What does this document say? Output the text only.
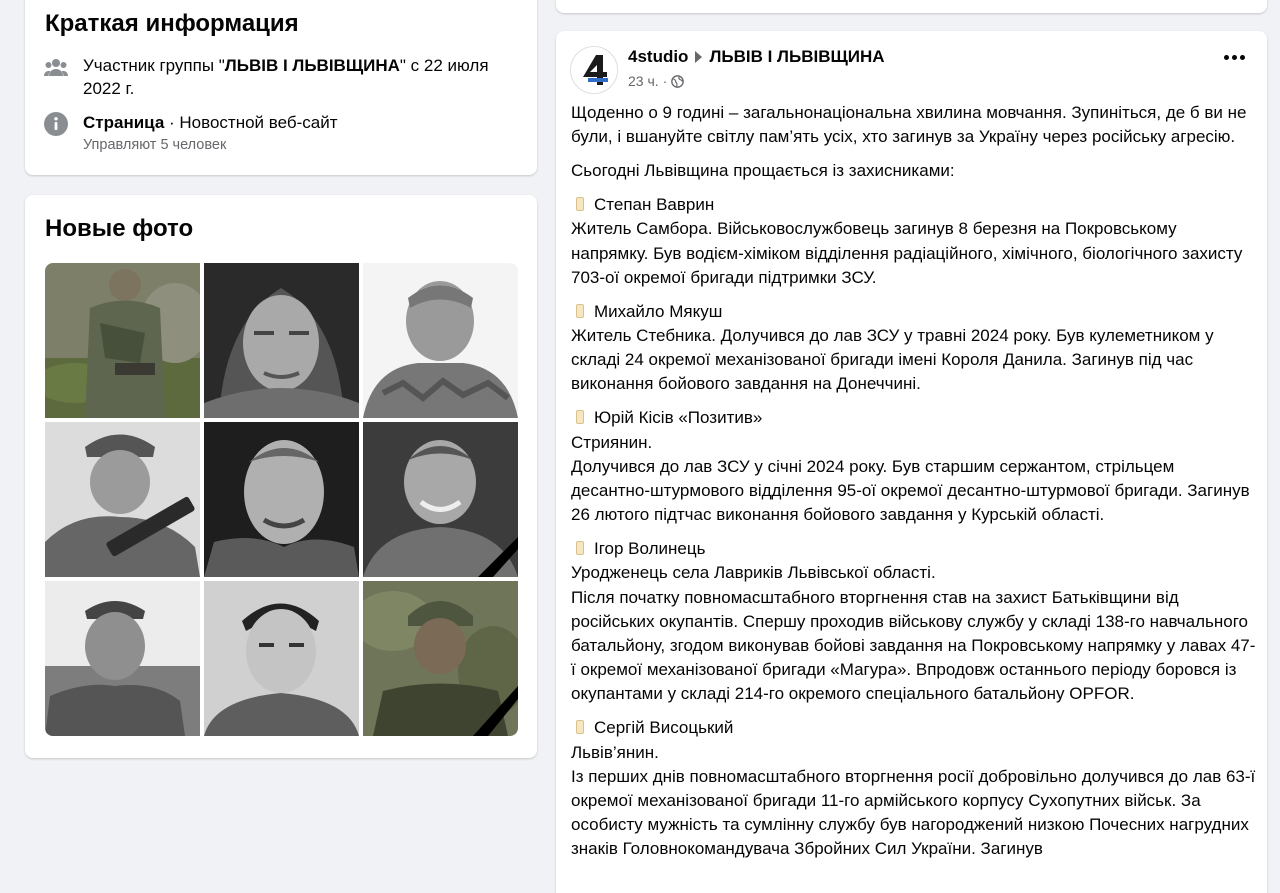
Краткая информация
Участник группы "ЛЬВІВ І ЛЬВІВЩИНА" с 22 июля 2022 г.
Страница · Новостной веб-сайт
Управляют 5 человек
Новые фото
4studio ЛЬВІВ І ЛЬВІВЩИНА
23 ч. ·

Щоденно о 9 годині – загальнонаціональна хвилина мовчання. Зупиніться, де б ви не були, і вшануйте світлу пам’ять усіх, хто загинув за Україну через російську агресію.

Сьогодні Львівщина прощається із захисниками:

Степан Ваврин
Житель Самбора. Військовослужбовець загинув 8 березня на Покровському напрямку. Був водієм-хіміком відділення радіаційного, хімічного, біологічного захисту 703-ої окремої бригади підтримки ЗСУ.

Михайло Мякуш
Житель Стебника. Долучився до лав ЗСУ у травні 2024 року. Був кулеметником у складі 24 окремої механізованої бригади імені Короля Данила. Загинув під час виконання бойового завдання на Донеччині.

Юрій Кісів «Позитив»
Стриянин.
Долучився до лав ЗСУ у січні 2024 року. Був старшим сержантом, стрільцем десантно-штурмового відділення 95-ої окремої десантно-штурмової бригади. Загинув 26 лютого підтчас виконання бойового завдання у Курській області.

Ігор Волинець
Уродженець села Лавриків Львівської області.
Після початку повномасштабного вторгнення став на захист Батьківщини від російських окупантів. Спершу проходив військову службу у складі 138-го навчального батальйону, згодом виконував бойові завдання на Покровському напрямку у лавах 47-ї окремої механізованої бригади «Магура». Впродовж останнього періоду боровся із окупантами у складі 214-го окремого спеціального батальйону OPFOR.

Сергій Висоцький
Львів’янин.
Із перших днів повномасштабного вторгнення росії добровільно долучився до лав 63-ї окремої механізованої бригади 11-го армійського корпусу Сухопутних військ. За особисту мужність та сумлінну службу був нагороджений низкою Почесних нагрудних знаків Головнокомандувача Збройних Сил України. Загинув
